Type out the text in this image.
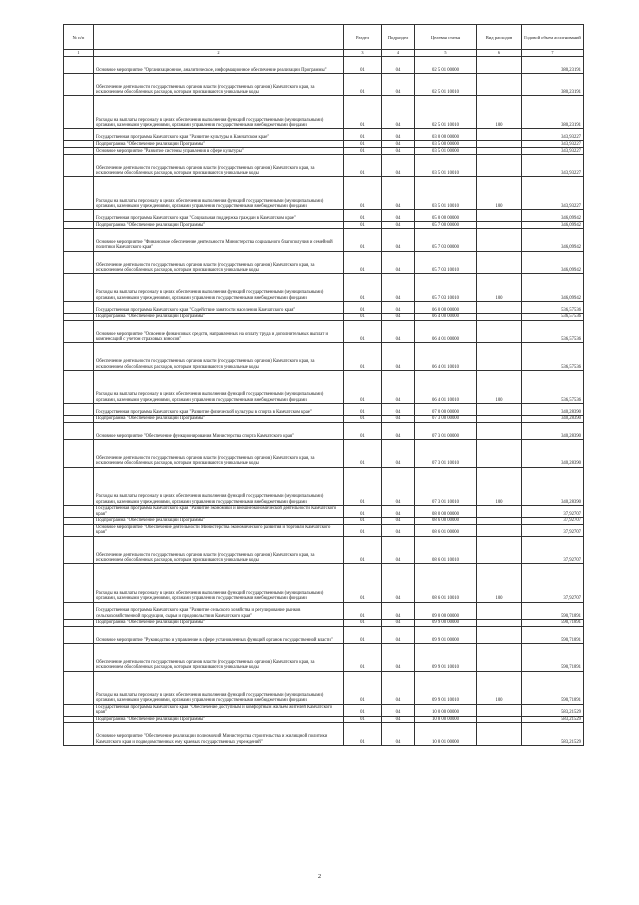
№ п/п		Раздел	Подраздел	Целевая статья	Вид расходов	Годовой объем ассигнований
1	2	3	4	5	6	7
	Основное мероприятие "Организационное, аналитическое, информационное обеспечение реализации Программы"	01	04	02 5 01 00000		380,23191
	Обеспечение деятельности государственных органов власти (государственных органов) Камчатского края, за исключением обособленных расходов, которым присваиваются уникальные коды	01	04	02 5 01 10010		380,23191
	Расходы на выплаты персоналу в целях обеспечения выполнения функций государственными (муниципальными) органами, казенными учреждениями, органами управления государственными внебюджетными фондами	01	04	02 5 01 10010	100	380,23191
	Государственная программа Камчатского края "Развитие культуры в Камчатском крае"	01	04	03 0 00 00000		343,93227
	Подпрограмма "Обеспечение реализации Программы"	01	04	03 5 00 00000		343,93227
	Основное мероприятие "Развитие системы управления в сфере культуры"	01	04	03 5 01 00000		343,93227
	Обеспечение деятельности государственных органов власти (государственных органов) Камчатского края, за исключением обособленных расходов, которым присваиваются уникальные коды	01	04	03 5 01 10010		343,93227
	Расходы на выплаты персоналу в целях обеспечения выполнения функций государственными (муниципальными) органами, казенными учреждениями, органами управления государственными внебюджетными фондами	01	04	03 5 01 10010	100	343,93227
	Государственная программа Камчатского края "Социальная поддержка граждан в Камчатском крае"	01	04	05 0 00 00000		346,09942
	Подпрограмма "Обеспечение реализации Программы"	01	04	05 7 00 00000		346,09942
	Основное мероприятие "Финансовое обеспечение деятельности Министерства социального благополучия и семейной политики Камчатского края"	01	04	05 7 03 00000		346,09942
	Обеспечение деятельности государственных органов власти (государственных органов) Камчатского края, за исключением обособленных расходов, которым присваиваются уникальные коды	01	04	05 7 03 10010		346,09942
	Расходы на выплаты персоналу в целях обеспечения выполнения функций государственными (муниципальными) органами, казенными учреждениями, органами управления государственными внебюджетными фондами	01	04	05 7 03 10010	100	346,09942
	Государственная программа Камчатского края "Содействие занятости населения Камчатского края"	01	04	06 0 00 00000		536,57536
	Подпрограмма "Обеспечение реализации Программы"	01	04	06 4 00 00000		536,57536
	Основное мероприятие "Освоение финансовых средств, направленных на оплату труда и дополнительных выплат и компенсаций с учетом страховых взносов"	01	04	06 4 01 00000		536,57536
	Обеспечение деятельности государственных органов власти (государственных органов) Камчатского края, за исключением обособленных расходов, которым присваиваются уникальные коды	01	04	06 4 01 10010		536,57536
	Расходы на выплаты персоналу в целях обеспечения выполнения функций государственными (муниципальными) органами, казенными учреждениями, органами управления государственными внебюджетными фондами	01	04	06 4 01 10010	100	536,57536
	Государственная программа Камчатского края "Развитие физической культуры в спорта в Камчатском крае"	01	04	07 0 00 00000		340,28390
	Подпрограмма "Обеспечение реализации Программы"	01	04	07 3 00 00000		340,28390
	Основное мероприятие "Обеспечение функционирования Министерства спорта Камчатского края"	01	04	07 3 01 00000		340,28390
	Обеспечение деятельности государственных органов власти (государственных органов) Камчатского края, за исключением обособленных расходов, которым присваиваются уникальные коды	01	04	07 3 01 10010		340,28390
	Расходы на выплаты персоналу в целях обеспечения выполнения функций государственными (муниципальными) органами, казенными учреждениями, органами управления государственными внебюджетными фондами	01	04	07 3 01 10010	100	340,28390
	Государственная программа Камчатского края "Развитие экономики и внешнеэкономической деятельности Камчатского края"	01	04	08 0 00 00000		37,92707
	Подпрограмма "Обеспечение реализации Программы"	01	04	08 6 00 00000		37,92707
	Основное мероприятие "Обеспечение деятельности Министерства экономического развития и торговли Камчатского края"	01	04	08 6 01 00000		37,92707
	Обеспечение деятельности государственных органов власти (государственных органов) Камчатского края, за исключением обособленных расходов, которым присваиваются уникальные коды	01	04	08 6 01 10010		37,92707
	Расходы на выплаты персоналу в целях обеспечения выполнения функций государственными (муниципальными) органами, казенными учреждениями, органами управления государственными внебюджетными фондами	01	04	08 6 01 10010	100	37,92707
	Государственная программа Камчатского края "Развитие сельского хозяйства и регулирование рынков сельскохозяйственной продукции, сырья и продовольствия Камчатского края"	01	04	09 0 00 00000		590,71891
	Подпрограмма "Обеспечение реализации Программы"	01	04	09 9 00 00000		590,71891
	Основное мероприятие "Руководство и управление в сфере установленных функций органов государственной власти"	01	04	09 9 01 00000		590,71891
	Обеспечение деятельности государственных органов власти (государственных органов) Камчатского края, за исключением обособленных расходов, которым присваиваются уникальные коды	01	04	09 9 01 10010		590,71891
	Расходы на выплаты персоналу в целях обеспечения выполнения функций государственными (муниципальными) органами, казенными учреждениями, органами управления государственными внебюджетными фондами	01	04	09 9 01 10010	100	590,71891
	Государственная программа Камчатского края "Обеспечение доступным и комфортным жильем жителей Камчатского края"	01	04	10 0 00 00000		583,21529
	Подпрограмма "Обеспечение реализации Программы"	01	04	10 8 00 00000		583,21529
	Основное мероприятие "Обеспечение реализации полномочий Министерства строительства и жилищной политики Камчатского края и подведомственных ему краевых государственных учреждений"	01	04	10 8 01 00000		583,21529
2
